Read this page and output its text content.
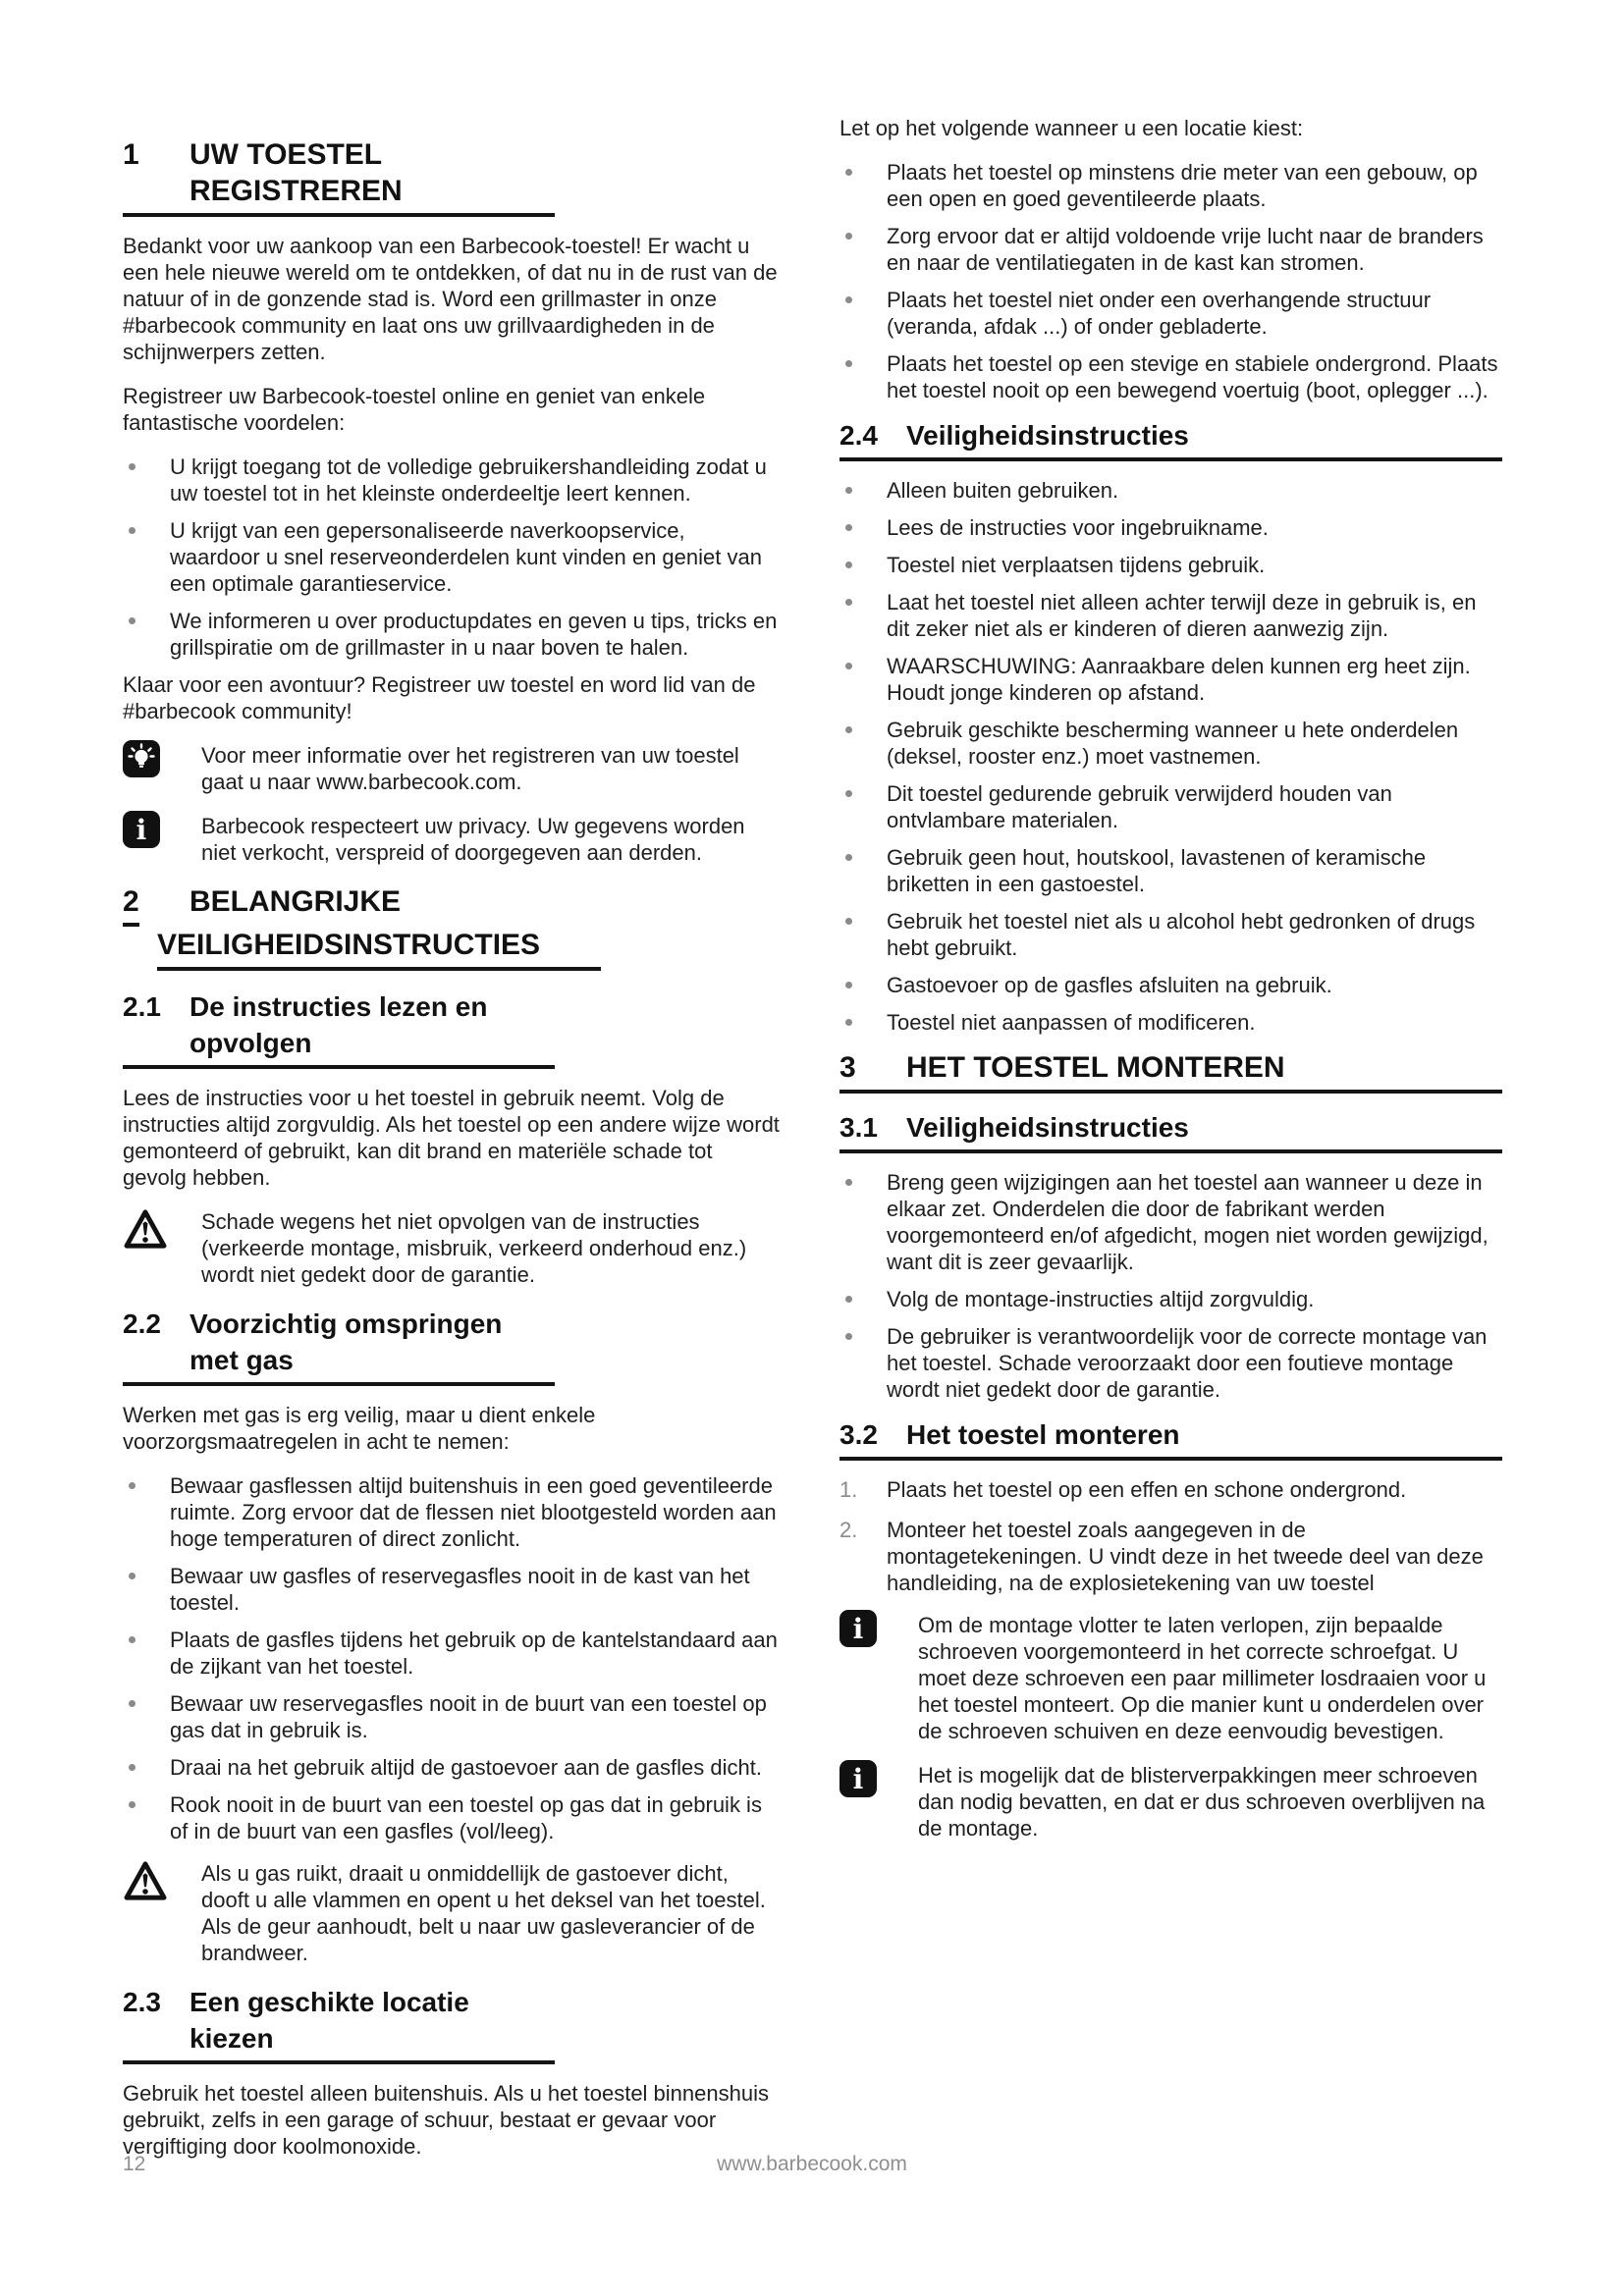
1	UW TOESTEL REGISTREREN

Bedankt voor uw aankoop van een Barbecook-toestel! Er wacht u een hele nieuwe wereld om te ontdekken, of dat nu in de rust van de natuur of in de gonzende stad is. Word een grillmaster in onze #barbecook community en laat ons uw grillvaardigheden in de schijnwerpers zetten.

Registreer uw Barbecook-toestel online en geniet van enkele fantastische voordelen:

U krijgt toegang tot de volledige gebruikershandleiding zodat u uw toestel tot in het kleinste onderdeeltje leert kennen.
U krijgt van een gepersonaliseerde naverkoopservice, waardoor u snel reserveonderdelen kunt vinden en geniet van een optimale garantieservice.
We informeren u over productupdates en geven u tips, tricks en grillspiratie om de grillmaster in u naar boven te halen.

Klaar voor een avontuur? Registreer uw toestel en word lid van de #barbecook community!

Voor meer informatie over het registreren van uw toestel gaat u naar www.barbecook.com.
i	Barbecook respecteert uw privacy. Uw gegevens worden niet verkocht, verspreid of doorgegeven aan derden.
2	BELANGRIJKE
VEILIGHEIDSINSTRUCTIES
2.1	De instructies lezen en opvolgen

Lees de instructies voor u het toestel in gebruik neemt. Volg de instructies altijd zorgvuldig. Als het toestel op een andere wijze wordt gemonteerd of gebruikt, kan dit brand en materiële schade tot gevolg hebben.

Schade wegens het niet opvolgen van de instructies (verkeerde montage, misbruik, verkeerd onderhoud enz.) wordt niet gedekt door de garantie.
2.2	Voorzichtig omspringen met gas

Werken met gas is erg veilig, maar u dient enkele voorzorgsmaatregelen in acht te nemen:

Bewaar gasflessen altijd buitenshuis in een goed geventileerde ruimte. Zorg ervoor dat de flessen niet blootgesteld worden aan hoge temperaturen of direct zonlicht.
Bewaar uw gasfles of reservegasfles nooit in de kast van het toestel.
Plaats de gasfles tijdens het gebruik op de kantelstandaard aan de zijkant van het toestel.
Bewaar uw reservegasfles nooit in de buurt van een toestel op gas dat in gebruik is.
Draai na het gebruik altijd de gastoevoer aan de gasfles dicht.
Rook nooit in de buurt van een toestel op gas dat in gebruik is of in de buurt van een gasfles (vol/leeg).
Als u gas ruikt, draait u onmiddellijk de gastoever dicht, dooft u alle vlammen en opent u het deksel van het toestel. Als de geur aanhoudt, belt u naar uw gasleverancier of de brandweer.
2.3	Een geschikte locatie kiezen

Gebruik het toestel alleen buitenshuis. Als u het toestel binnenshuis gebruikt, zelfs in een garage of schuur, bestaat er gevaar voor vergiftiging door koolmonoxide.

Let op het volgende wanneer u een locatie kiest:

Plaats het toestel op minstens drie meter van een gebouw, op een open en goed geventileerde plaats.
Zorg ervoor dat er altijd voldoende vrije lucht naar de branders en naar de ventilatiegaten in de kast kan stromen.
Plaats het toestel niet onder een overhangende structuur (veranda, afdak ...) of onder gebladerte.
Plaats het toestel op een stevige en stabiele ondergrond. Plaats het toestel nooit op een bewegend voertuig (boot, oplegger ...).
2.4	Veiligheidsinstructies
Alleen buiten gebruiken.
Lees de instructies voor ingebruikname.
Toestel niet verplaatsen tijdens gebruik.
Laat het toestel niet alleen achter terwijl deze in gebruik is, en dit zeker niet als er kinderen of dieren aanwezig zijn.
WAARSCHUWING: Aanraakbare delen kunnen erg heet zijn. Houdt jonge kinderen op afstand.
Gebruik geschikte bescherming wanneer u hete onderdelen (deksel, rooster enz.) moet vastnemen.
Dit toestel gedurende gebruik verwijderd houden van ontvlambare materialen.
Gebruik geen hout, houtskool, lavastenen of keramische briketten in een gastoestel.
Gebruik het toestel niet als u alcohol hebt gedronken of drugs hebt gebruikt.
Gastoevoer op de gasfles afsluiten na gebruik.
Toestel niet aanpassen of modificeren.
3	HET TOESTEL MONTEREN
3.1	Veiligheidsinstructies
Breng geen wijzigingen aan het toestel aan wanneer u deze in elkaar zet. Onderdelen die door de fabrikant werden voorgemonteerd en/of afgedicht, mogen niet worden gewijzigd, want dit is zeer gevaarlijk.
Volg de montage-instructies altijd zorgvuldig.
De gebruiker is verantwoordelijk voor de correcte montage van het toestel. Schade veroorzaakt door een foutieve montage wordt niet gedekt door de garantie.
3.2	Het toestel monteren
1. Plaats het toestel op een effen en schone ondergrond.
2. Monteer het toestel zoals aangegeven in de montagetekeningen. U vindt deze in het tweede deel van deze handleiding, na de explosietekening van uw toestel
i	Om de montage vlotter te laten verlopen, zijn bepaalde schroeven voorgemonteerd in het correcte schroefgat. U moet deze schroeven een paar millimeter losdraaien voor u het toestel monteert. Op die manier kunt u onderdelen over de schroeven schuiven en deze eenvoudig bevestigen.
i	Het is mogelijk dat de blisterverpakkingen meer schroeven dan nodig bevatten, en dat er dus schroeven overblijven na de montage.
12	www.barbecook.com
